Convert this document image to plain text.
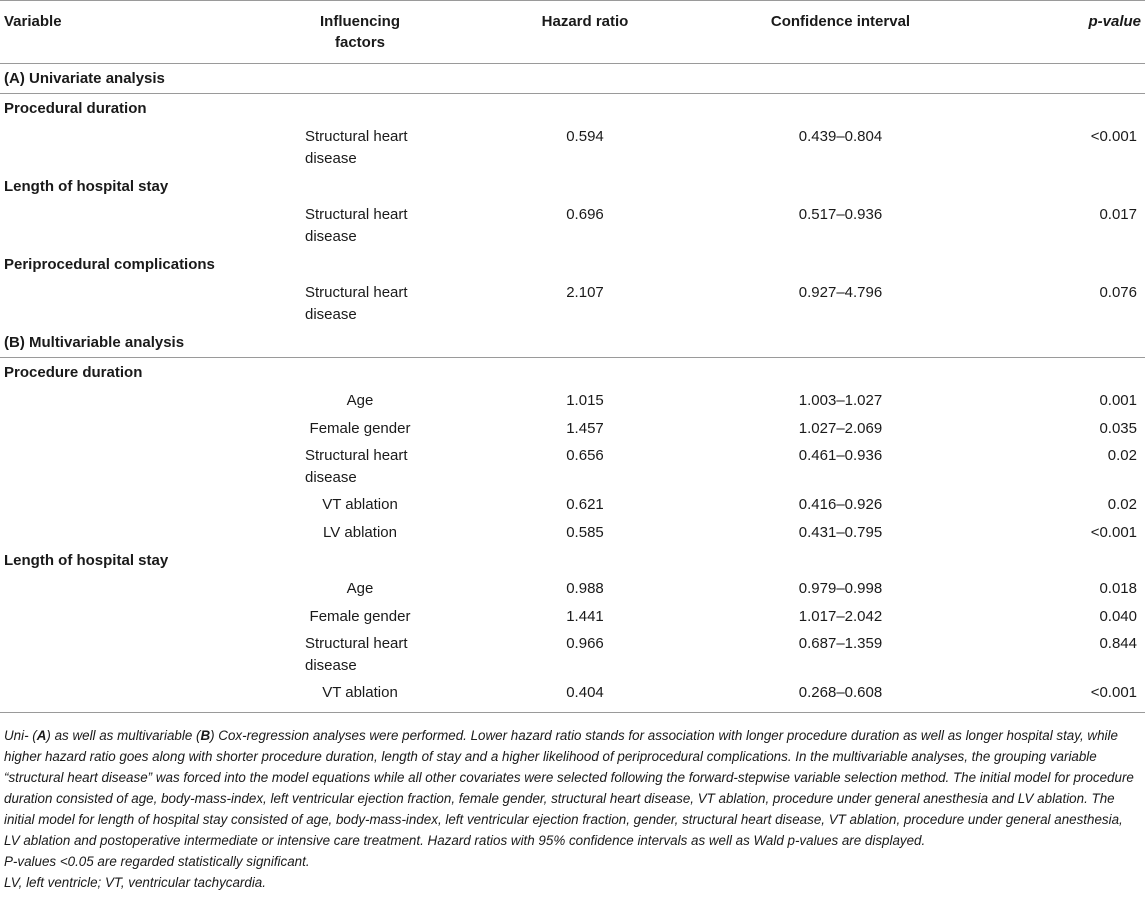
Variable	Influencing factors	Hazard ratio	Confidence interval	p-value
(A) Univariate analysis				
Procedural duration				
	Structural heart disease	0.594	0.439–0.804	<0.001
Length of hospital stay				
	Structural heart disease	0.696	0.517–0.936	0.017
Periprocedural complications				
	Structural heart disease	2.107	0.927–4.796	0.076
(B) Multivariable analysis				
Procedure duration				
	Age	1.015	1.003–1.027	0.001
	Female gender	1.457	1.027–2.069	0.035
	Structural heart disease	0.656	0.461–0.936	0.02
	VT ablation	0.621	0.416–0.926	0.02
	LV ablation	0.585	0.431–0.795	<0.001
Length of hospital stay				
	Age	0.988	0.979–0.998	0.018
	Female gender	1.441	1.017–2.042	0.040
	Structural heart disease	0.966	0.687–1.359	0.844
	VT ablation	0.404	0.268–0.608	<0.001

Uni- (A) as well as multivariable (B) Cox-regression analyses were performed. Lower hazard ratio stands for association with longer procedure duration as well as longer hospital stay, while higher hazard ratio goes along with shorter procedure duration, length of stay and a higher likelihood of periprocedural complications. In the multivariable analyses, the grouping variable “structural heart disease” was forced into the model equations while all other covariates were selected following the forward-stepwise variable selection method. The initial model for procedure duration consisted of age, body-mass-index, left ventricular ejection fraction, female gender, structural heart disease, VT ablation, procedure under general anesthesia and LV ablation. The initial model for length of hospital stay consisted of age, body-mass-index, left ventricular ejection fraction, gender, structural heart disease, VT ablation, procedure under general anesthesia, LV ablation and postoperative intermediate or intensive care treatment. Hazard ratios with 95% confidence intervals as well as Wald p-values are displayed.

P-values <0.05 are regarded statistically significant.

LV, left ventricle; VT, ventricular tachycardia.
